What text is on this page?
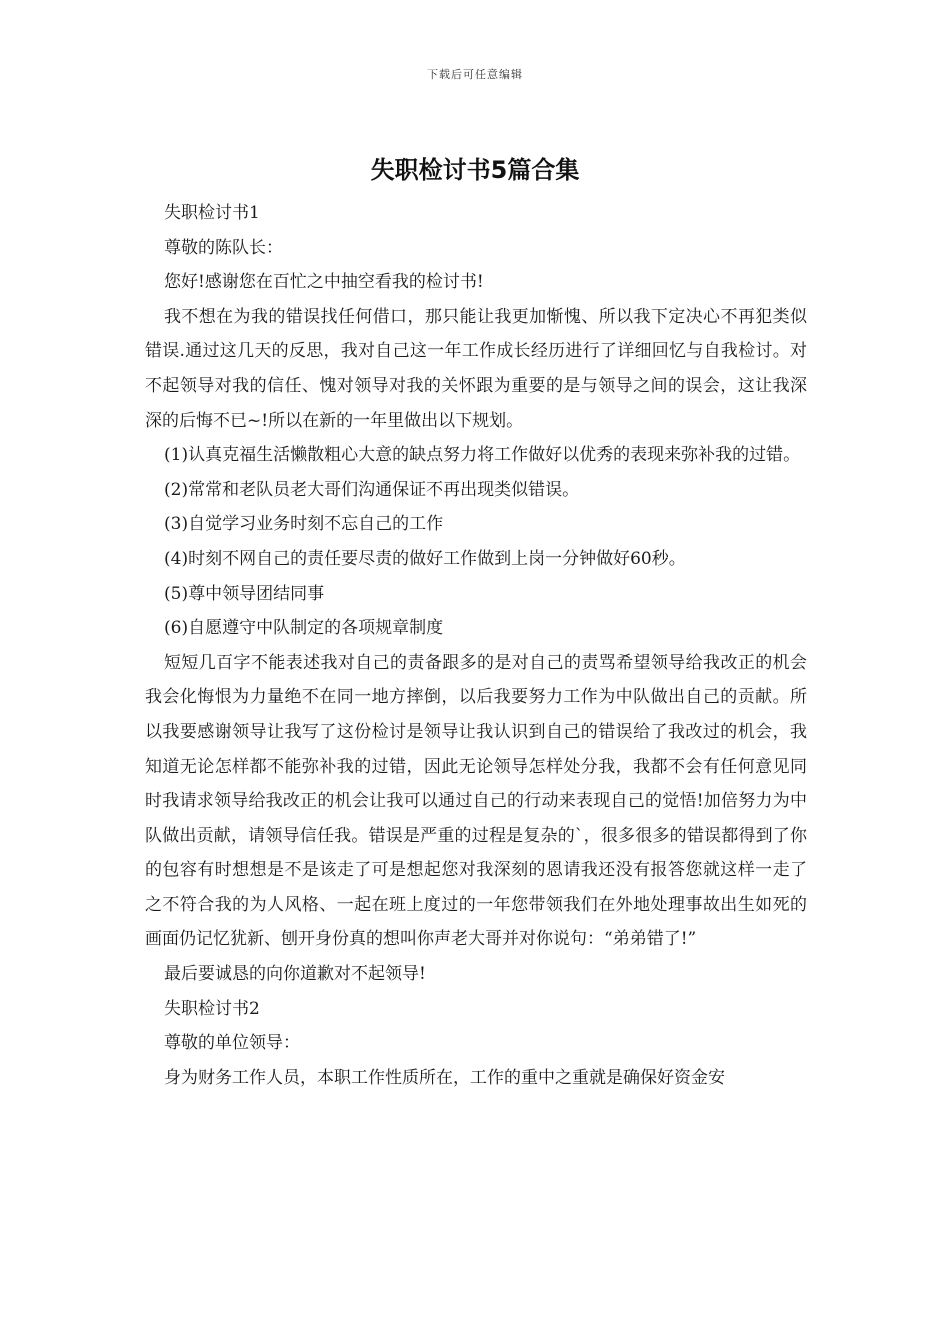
下载后可任意编辑
失职检讨书5篇合集

失职检讨书1

尊敬的陈队长：

您好!感谢您在百忙之中抽空看我的检讨书!

我不想在为我的错误找任何借口，那只能让我更加惭愧、所以我下定决心不再犯类似错误.通过这几天的反思，我对自己这一年工作成长经历进行了详细回忆与自我检讨。对不起领导对我的信任、愧对领导对我的关怀跟为重要的是与领导之间的误会，这让我深深的后悔不已~!所以在新的一年里做出以下规划。

(1)认真克福生活懒散粗心大意的缺点努力将工作做好以优秀的表现来弥补我的过错。

(2)常常和老队员老大哥们沟通保证不再出现类似错误。

(3)自觉学习业务时刻不忘自己的工作

(4)时刻不网自己的责任要尽责的做好工作做到上岗一分钟做好60秒。

(5)尊中领导团结同事

(6)自愿遵守中队制定的各项规章制度

短短几百字不能表述我对自己的责备跟多的是对自己的责骂希望领导给我改正的机会我会化悔恨为力量绝不在同一地方摔倒，以后我要努力工作为中队做出自己的贡献。所以我要感谢领导让我写了这份检讨是领导让我认识到自己的错误给了我改过的机会，我知道无论怎样都不能弥补我的过错，因此无论领导怎样处分我，我都不会有任何意见同时我请求领导给我改正的机会让我可以通过自己的行动来表现自己的觉悟!加倍努力为中队做出贡献，请领导信任我。错误是严重的过程是复杂的`，很多很多的错误都得到了你的包容有时想想是不是该走了可是想起您对我深刻的恩请我还没有报答您就这样一走了之不符合我的为人风格、一起在班上度过的一年您带领我们在外地处理事故出生如死的画面仍记忆犹新、刨开身份真的想叫你声老大哥并对你说句：“弟弟错了!”

最后要诚恳的向你道歉对不起领导!

失职检讨书2

尊敬的单位领导：

身为财务工作人员，本职工作性质所在，工作的重中之重就是确保好资金安
